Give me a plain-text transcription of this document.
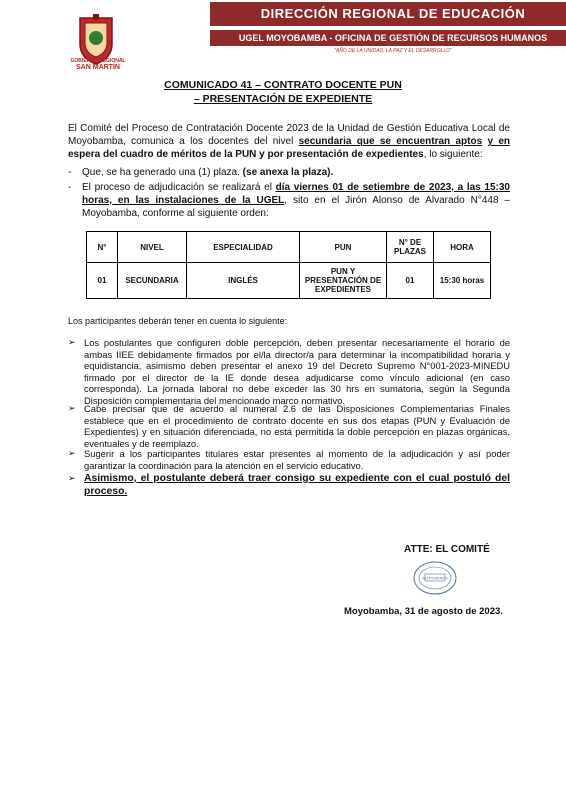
GOBIERNO REGIONAL
SAN MARTÍN
DIRECCIÓN REGIONAL DE EDUCACIÓN
UGEL MOYOBAMBA - OFICINA DE GESTIÓN DE RECURSOS HUMANOS
"AÑO DE LA UNIDAD, LA PAZ Y EL DESARROLLO"
COMUNICADO 41 – CONTRATO DOCENTE PUN
– PRESENTACIÓN DE EXPEDIENTE
El Comité del Proceso de Contratación Docente 2023 de la Unidad de Gestión Educativa Local de Moyobamba, comunica a los docentes del nivel secundaria que se encuentran aptos y en espera del cuadro de méritos de la PUN y por presentación de expedientes, lo siguiente:
- Que, se ha generado una (1) plaza. (se anexa la plaza).
- El proceso de adjudicación se realizará el día viernes 01 de setiembre de 2023, a las 15:30 horas, en las instalaciones de la UGEL, sito en el Jirón Alonso de Alvarado N°448 – Moyobamba, conforme al siguiente orden:
N°	NIVEL	ESPECIALIDAD	PUN	N° DE PLAZAS	HORA
01	SECUNDARIA	INGLÉS	PUN Y PRESENTACIÓN DE EXPEDIENTES	01	15:30 horas
Los participantes deberán tener en cuenta lo siguiente:
➢ Los postulantes que configuren doble percepción, deben presentar necesariamente el horario de ambas IIEE debidamente firmados por el/la director/a para determinar la incompatibilidad horaria y equidistancia, asimismo deben presentar el anexo 19 del Decreto Supremo N°001-2023-MINEDU firmado por el director de la IE donde desea adjudicarse como vínculo adicional (en caso corresponda). La jornada laboral no debe exceder las 30 hrs en sumatoria, según la Segunda Disposición complementaria del mencionado marco normativo.
➢ Cabe precisar que de acuerdo al numeral 2.6 de las Disposiciones Complementarias Finales establece que en el procedimiento de contrato docente en sus dos etapas (PUN y Evaluación de Expedientes) y en situación diferenciada, no está permitida la doble percepción en plazas orgánicas, eventuales y de reemplazo.
➢ Sugerir a los participantes titulares estar presentes al momento de la adjudicación y así poder garantizar la coordinación para la atención en el servicio educativo.
➢ Asimismo, el postulante deberá traer consigo su expediente con el cual postuló del proceso.
ATTE: EL COMITÉ
AUTÓGRAFO
Moyobamba, 31 de agosto de 2023.
